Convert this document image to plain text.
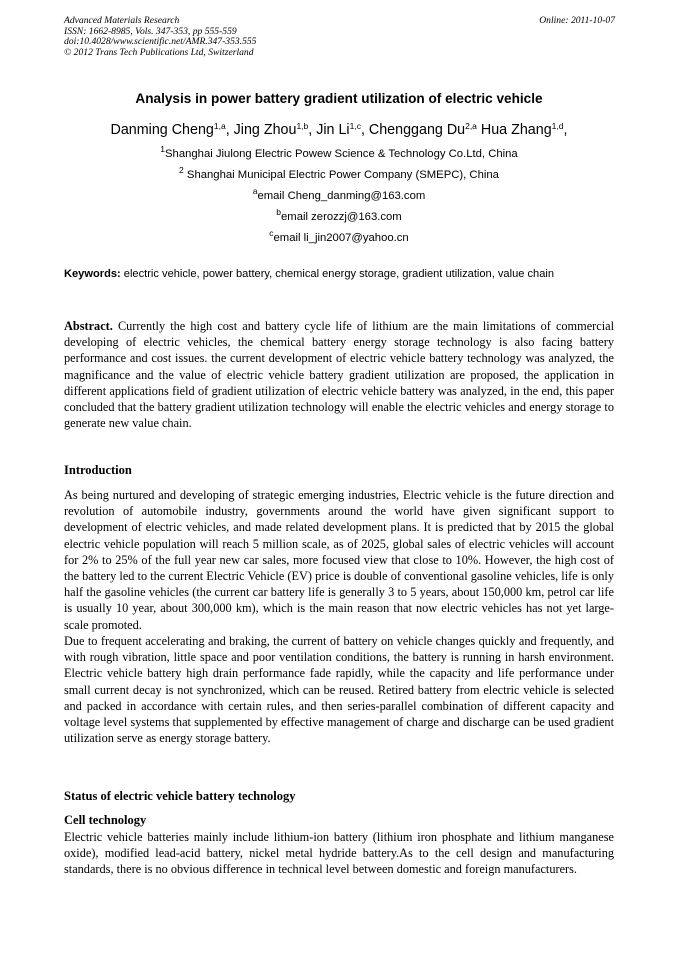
Advanced Materials Research
ISSN: 1662-8985, Vols. 347-353, pp 555-559
doi:10.4028/www.scientific.net/AMR.347-353.555
© 2012 Trans Tech Publications Ltd, Switzerland
Online: 2011-10-07
Analysis in power battery gradient utilization of electric vehicle
Danming Cheng$^{1,a}$, Jing Zhou$^{1,b}$, Jin Li$^{1,c}$, Chenggang Du$^{2,a}$ Hua Zhang$^{1,d}$,
$^1$Shanghai Jiulong Electric Powew Science & Technology Co.Ltd, China
$^2$ Shanghai Municipal Electric Power Company (SMEPC), China
$^a$email Cheng_danming@163.com
$^b$email zerozzj@163.com
$^c$email li_jin2007@yahoo.cn
Keywords: electric vehicle, power battery, chemical energy storage, gradient utilization, value chain

Abstract. Currently the high cost and battery cycle life of lithium are the main limitations of commercial developing of electric vehicles, the chemical battery energy storage technology is also facing battery performance and cost issues. the current development of electric vehicle battery technology was analyzed, the magnificance and the value of electric vehicle battery gradient utilization are proposed, the application in different applications field of gradient utilization of electric vehicle battery was analyzed, in the end, this paper concluded that the battery gradient utilization technology will enable the electric vehicles and energy storage to generate new value chain.

Introduction

As being nurtured and developing of strategic emerging industries, Electric vehicle is the future direction and revolution of automobile industry, governments around the world have given significant support to development of electric vehicles, and made related development plans. It is predicted that by 2015 the global electric vehicle population will reach 5 million scale, as of 2025, global sales of electric vehicles will account for 2% to 25% of the full year new car sales, more focused view that close to 10%. However, the high cost of the battery led to the current Electric Vehicle (EV) price is double of conventional gasoline vehicles, life is only half the gasoline vehicles (the current car battery life is generally 3 to 5 years, about 150,000 km, petrol car life is usually 10 year, about 300,000 km), which is the main reason that now electric vehicles has not yet large-scale promoted.

Due to frequent accelerating and braking, the current of battery on vehicle changes quickly and frequently, and with rough vibration, little space and poor ventilation conditions, the battery is running in harsh environment. Electric vehicle battery high drain performance fade rapidly, while the capacity and life performance under small current decay is not synchronized, which can be reused. Retired battery from electric vehicle is selected and packed in accordance with certain rules, and then series-parallel combination of different capacity and voltage level systems that supplemented by effective management of charge and discharge can be used gradient utilization serve as energy storage battery.

Status of electric vehicle battery technology
Cell technology

Electric vehicle batteries mainly include lithium-ion battery (lithium iron phosphate and lithium manganese oxide), modified lead-acid battery, nickel metal hydride battery.As to the cell design and manufacturing standards, there is no obvious difference in technical level between domestic and foreign manufacturers.
